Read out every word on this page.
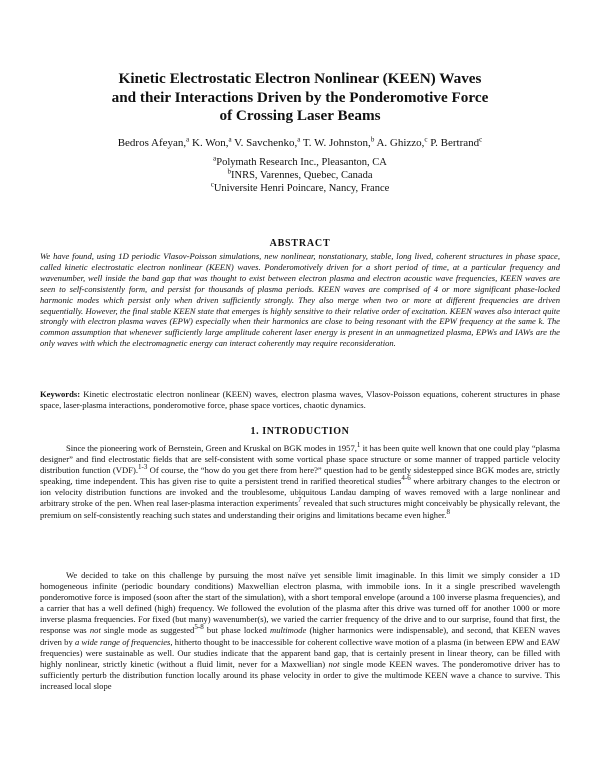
Kinetic Electrostatic Electron Nonlinear (KEEN) Waves
and their Interactions Driven by the Ponderomotive Force
of Crossing Laser Beams
Bedros Afeyan,$^a$ K. Won,$^a$ V. Savchenko,$^a$ T. W. Johnston,$^b$ A. Ghizzo,$^c$ P. Bertrand$^c$
$^a$Polymath Research Inc., Pleasanton, CA
$^b$INRS, Varennes, Quebec, Canada
$^c$Universite Henri Poincare, Nancy, France
ABSTRACT

We have found, using 1D periodic Vlasov-Poisson simulations, new nonlinear, nonstationary, stable, long lived, coherent structures in phase space, called kinetic electrostatic electron nonlinear (KEEN) waves. Ponderomotively driven for a short period of time, at a particular frequency and wavenumber, well inside the band gap that was thought to exist between electron plasma and electron acoustic wave frequencies, KEEN waves are seen to self-consistently form, and persist for thousands of plasma periods. KEEN waves are comprised of 4 or more significant phase-locked harmonic modes which persist only when driven sufficiently strongly. They also merge when two or more at different frequencies are driven sequentially. However, the final stable KEEN state that emerges is highly sensitive to their relative order of excitation. KEEN waves also interact quite strongly with electron plasma waves (EPW) especially when their harmonics are close to being resonant with the EPW frequency at the same k. The common assumption that whenever sufficiently large amplitude coherent laser energy is present in an unmagnetized plasma, EPWs and IAWs are the only waves with which the electromagnetic energy can interact coherently may require reconsideration.

Keywords: Kinetic electrostatic electron nonlinear (KEEN) waves, electron plasma waves, Vlasov-Poisson equations, coherent structures in phase space, laser-plasma interactions, ponderomotive force, phase space vortices, chaotic dynamics.

1. INTRODUCTION

Since the pioneering work of Bernstein, Green and Kruskal on BGK modes in 1957,$^1$ it has been quite well known that one could play “plasma designer” and find electrostatic fields that are self-consistent with some vortical phase space structure or some manner of trapped particle velocity distribution function (VDF).$^{1-3}$ Of course, the “how do you get there from here?” question had to be gently sidestepped since BGK modes are, strictly speaking, time independent. This has given rise to quite a persistent trend in rarified theoretical studies$^{4-6}$ where arbitrary changes to the electron or ion velocity distribution functions are invoked and the troublesome, ubiquitous Landau damping of waves removed with a large nonlinear and arbitrary stroke of the pen. When real laser-plasma interaction experiments$^7$ revealed that such structures might conceivably be physically relevant, the premium on self-consistently reaching such states and understanding their origins and limitations became even higher.$^8$

We decided to take on this challenge by pursuing the most naïve yet sensible limit imaginable. In this limit we simply consider a 1D homogeneous infinite (periodic boundary conditions) Maxwellian electron plasma, with immobile ions. In it a single prescribed wavelength ponderomotive force is imposed (soon after the start of the simulation), with a short temporal envelope (around a 100 inverse plasma frequencies), and a carrier that has a well defined (high) frequency. We followed the evolution of the plasma after this drive was turned off for another 1000 or more inverse plasma frequencies. For fixed (but many) wavenumber(s), we varied the carrier frequency of the drive and to our surprise, found that first, the response was not single mode as suggested$^{5-8}$ but phase locked multimode (higher harmonics were indispensable), and second, that KEEN waves driven by a wide range of frequencies, hitherto thought to be inaccessible for coherent collective wave motion of a plasma (in between EPW and EAW frequencies) were sustainable as well. Our studies indicate that the apparent band gap, that is certainly present in linear theory, can be filled with highly nonlinear, strictly kinetic (without a fluid limit, never for a Maxwellian) not single mode KEEN waves. The ponderomotive driver has to sufficiently perturb the distribution function locally around its phase velocity in order to give the multimode KEEN wave a chance to survive. This increased local slope
